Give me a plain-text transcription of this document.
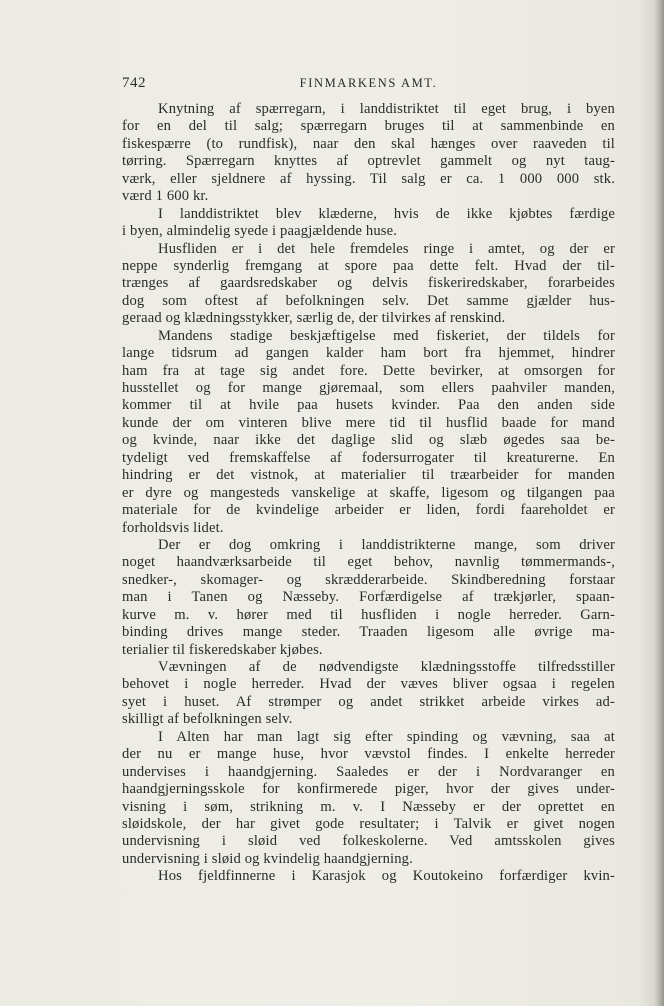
742	FINMARKENS AMT.
Knytning af spærregarn, i landdistriktet til eget brug, i byen
for en del til salg; spærregarn bruges til at sammenbinde en
fiskespærre (to rundfisk), naar den skal hænges over raaveden til
tørring. Spærregarn knyttes af optrevlet gammelt og nyt taug-
værk, eller sjeldnere af hyssing. Til salg er ca. 1 000 000 stk.
værd 1 600 kr.
I landdistriktet blev klæderne, hvis de ikke kjøbtes færdige
i byen, almindelig syede i paagjældende huse.
Husfliden er i det hele fremdeles ringe i amtet, og der er
neppe synderlig fremgang at spore paa dette felt. Hvad der til-
trænges af gaardsredskaber og delvis fiskeriredskaber, forarbeides
dog som oftest af befolkningen selv. Det samme gjælder hus-
geraad og klædningsstykker, særlig de, der tilvirkes af renskind.
Mandens stadige beskjæftigelse med fiskeriet, der tildels for
lange tidsrum ad gangen kalder ham bort fra hjemmet, hindrer
ham fra at tage sig andet fore. Dette bevirker, at omsorgen for
husstellet og for mange gjøremaal, som ellers paahviler manden,
kommer til at hvile paa husets kvinder. Paa den anden side
kunde der om vinteren blive mere tid til husflid baade for mand
og kvinde, naar ikke det daglige slid og slæb øgedes saa be-
tydeligt ved fremskaffelse af fodersurrogater til kreaturerne. En
hindring er det vistnok, at materialier til træarbeider for manden
er dyre og mangesteds vanskelige at skaffe, ligesom og tilgangen paa
materiale for de kvindelige arbeider er liden, fordi faareholdet er
forholdsvis lidet.
Der er dog omkring i landdistrikterne mange, som driver
noget haandværksarbeide til eget behov, navnlig tømmermands-,
snedker-, skomager- og skrædderarbeide. Skindberedning forstaar
man i Tanen og Næsseby. Forfærdigelse af trækjørler, spaan-
kurve m. v. hører med til husfliden i nogle herreder. Garn-
binding drives mange steder. Traaden ligesom alle øvrige ma-
terialier til fiskeredskaber kjøbes.
Vævningen af de nødvendigste klædningsstoffe tilfredsstiller
behovet i nogle herreder. Hvad der væves bliver ogsaa i regelen
syet i huset. Af strømper og andet strikket arbeide virkes ad-
skilligt af befolkningen selv.
I Alten har man lagt sig efter spinding og vævning, saa at
der nu er mange huse, hvor vævstol findes. I enkelte herreder
undervises i haandgjerning. Saaledes er der i Nordvaranger en
haandgjerningsskole for konfirmerede piger, hvor der gives under-
visning i søm, strikning m. v. I Næsseby er der oprettet en
sløidskole, der har givet gode resultater; i Talvik er givet nogen
undervisning i sløid ved folkeskolerne. Ved amtsskolen gives
undervisning i sløid og kvindelig haandgjerning.
Hos fjeldfinnerne i Karasjok og Koutokeino forfærdiger kvin-
